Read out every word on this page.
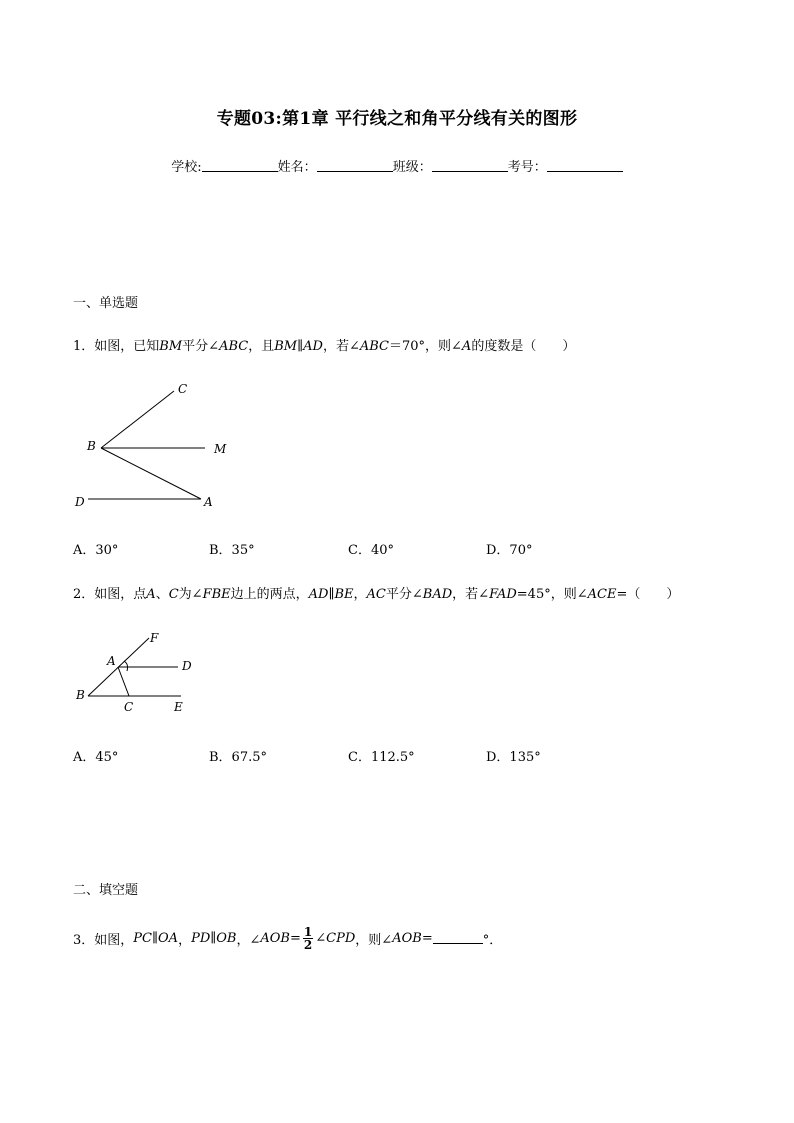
专题03:第1章 平行线之和角平分线有关的图形
学校:	姓名：	班级：	考号：
一、单选题
1．如图，已知BM平分∠ABC，且BM∥AD，若∠ABC＝70°，则∠A的度数是（　　）
C
B	M
D	A
A．30°	B．35°	C．40°	D．70°
2．如图，点A、C为∠FBE边上的两点，AD∥BE，AC平分∠BAD，若∠FAD=45°，则∠ACE=（　　）
F
A	D
B
C	E
A．45°	B．67.5°	C．112.5°	D．135°
二、填空题
3． 如图， PC ∥ OA ， PD ∥ OB ，∠ AOB = $\frac{1}{2}$ ∠ CPD ，则∠ AOB =	°．
